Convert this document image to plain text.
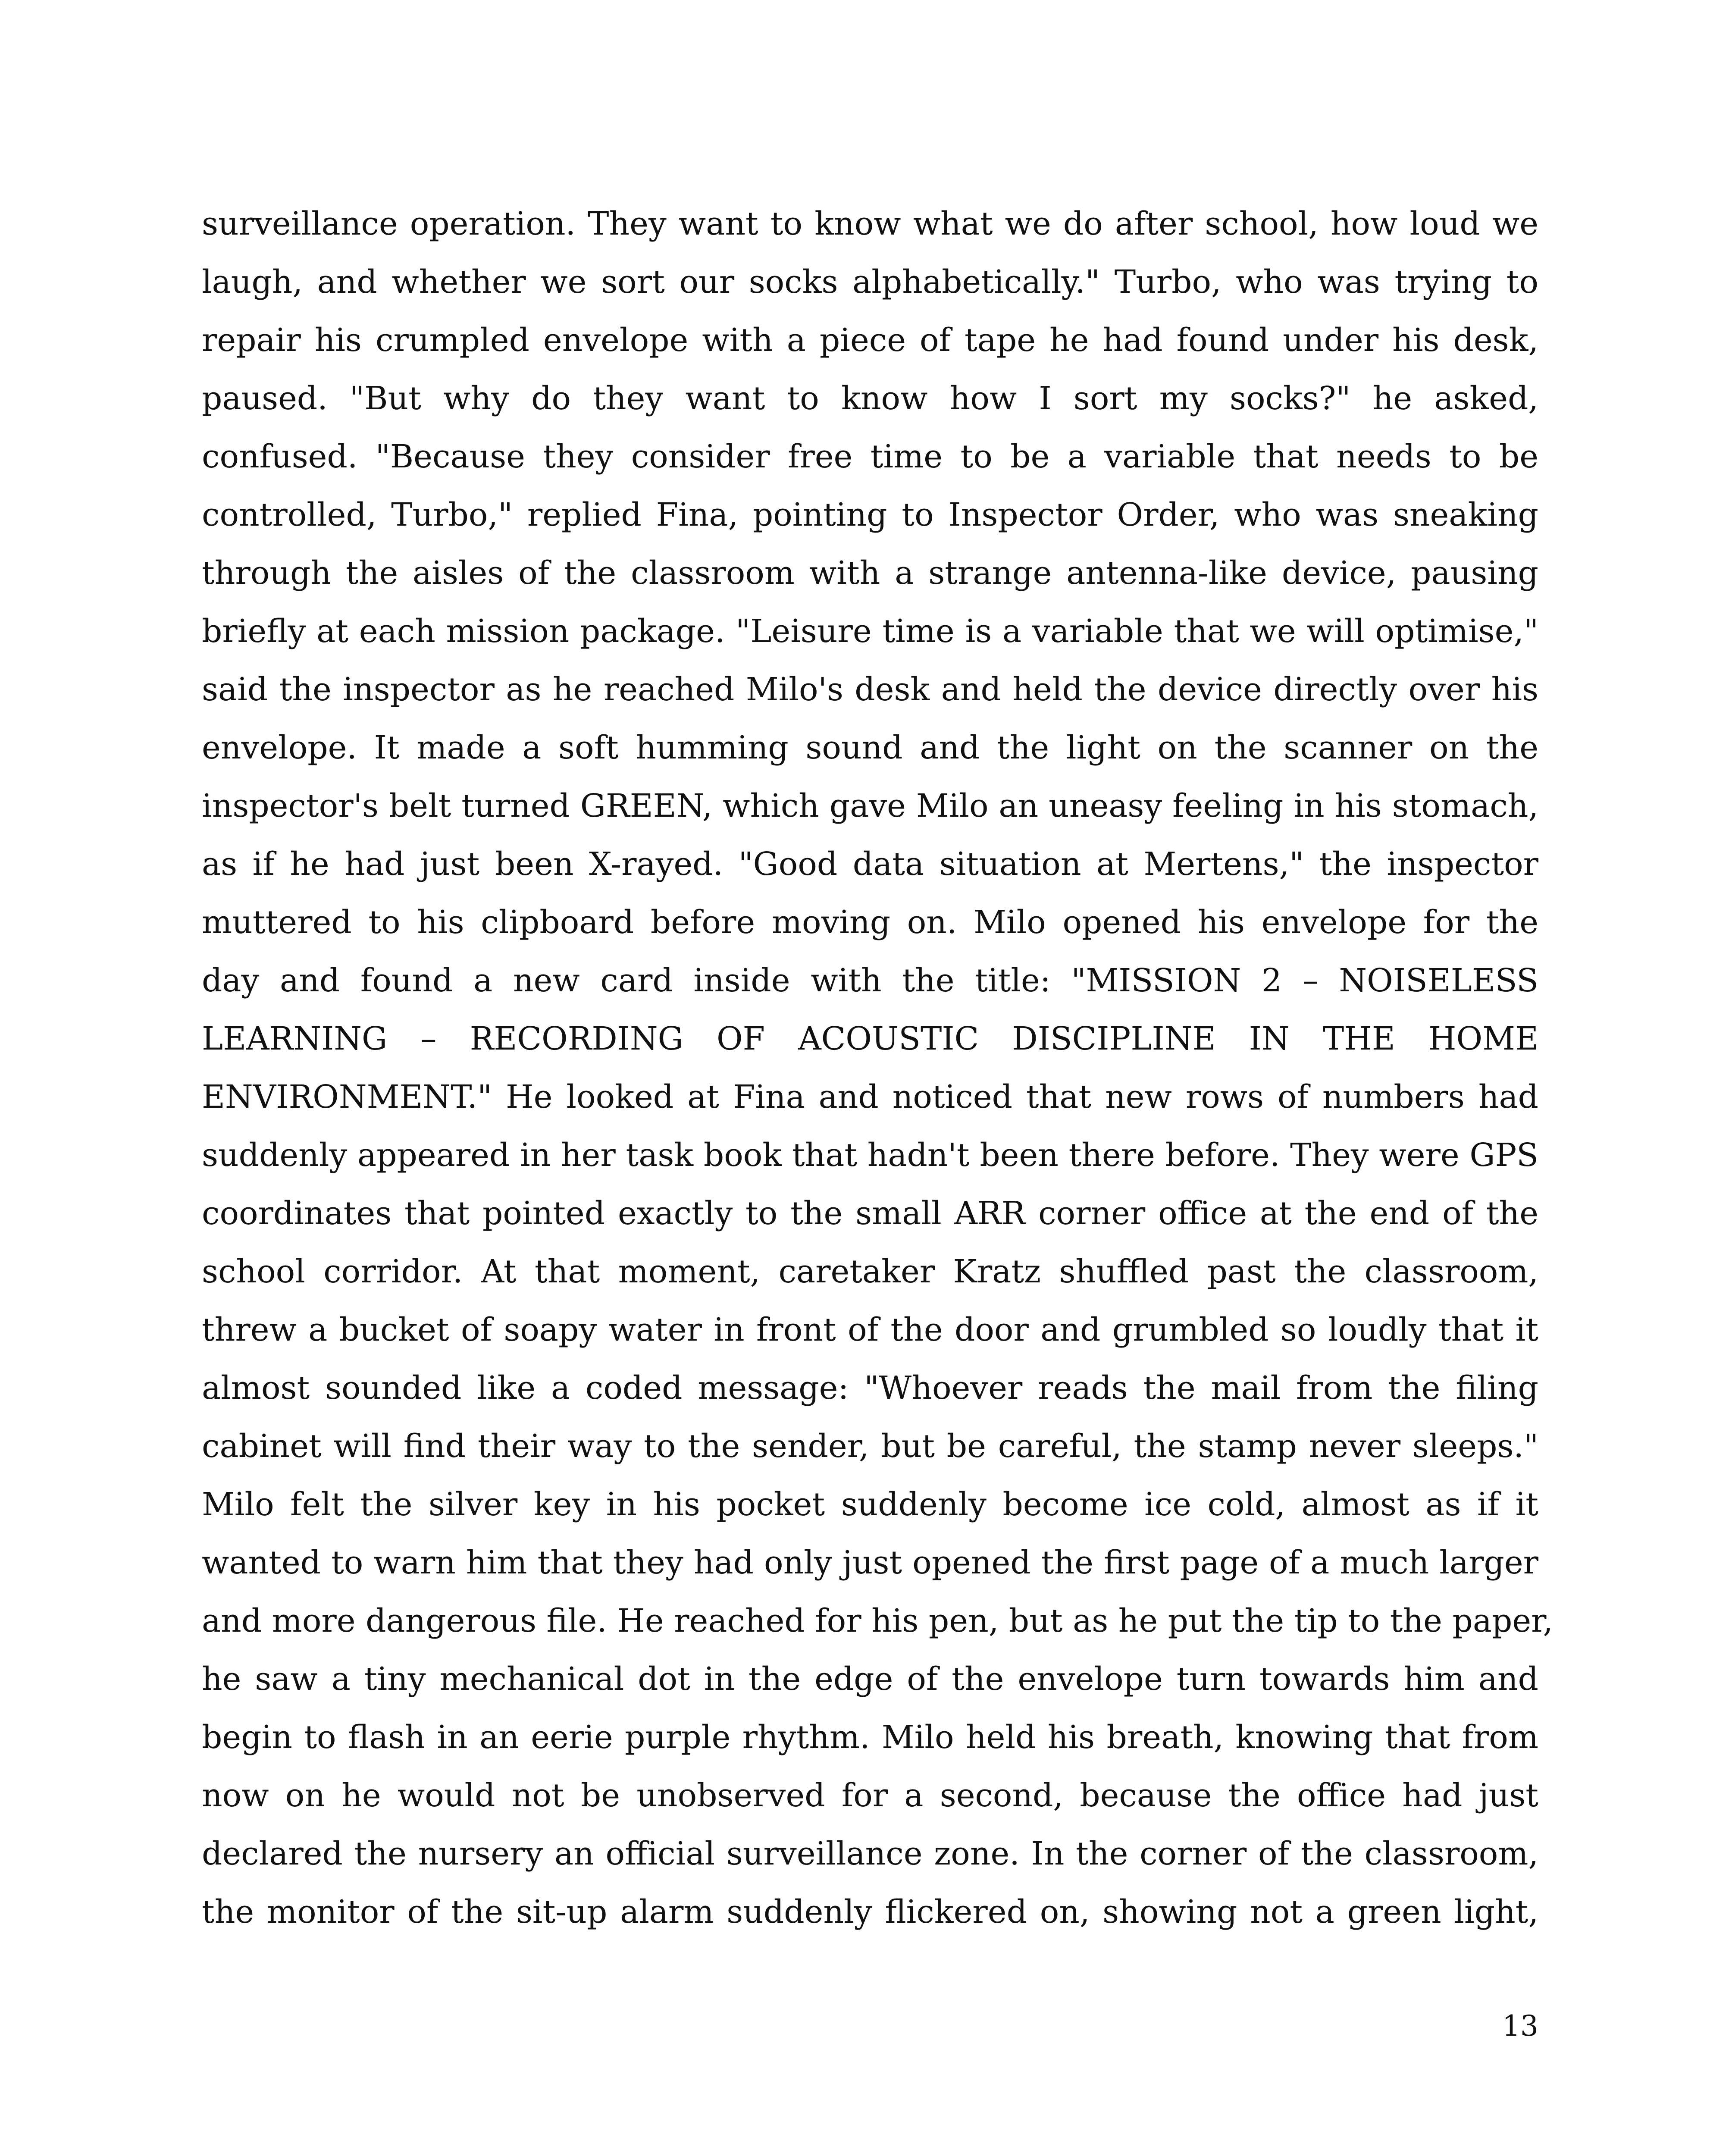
surveillance operation. They want to know what we do after school, how loud we
laugh, and whether we sort our socks alphabetically." Turbo, who was trying to
repair his crumpled envelope with a piece of tape he had found under his desk,
paused. "But why do they want to know how I sort my socks?" he asked,
confused. "Because they consider free time to be a variable that needs to be
controlled, Turbo," replied Fina, pointing to Inspector Order, who was sneaking
through the aisles of the classroom with a strange antenna-like device, pausing
briefly at each mission package. "Leisure time is a variable that we will optimise,"
said the inspector as he reached Milo's desk and held the device directly over his
envelope. It made a soft humming sound and the light on the scanner on the
inspector's belt turned GREEN, which gave Milo an uneasy feeling in his stomach,
as if he had just been X-rayed. "Good data situation at Mertens," the inspector
muttered to his clipboard before moving on. Milo opened his envelope for the
day and found a new card inside with the title: "MISSION 2 – NOISELESS
LEARNING – RECORDING OF ACOUSTIC DISCIPLINE IN THE HOME
ENVIRONMENT." He looked at Fina and noticed that new rows of numbers had
suddenly appeared in her task book that hadn't been there before. They were GPS
coordinates that pointed exactly to the small ARR corner office at the end of the
school corridor. At that moment, caretaker Kratz shuffled past the classroom,
threw a bucket of soapy water in front of the door and grumbled so loudly that it
almost sounded like a coded message: "Whoever reads the mail from the filing
cabinet will find their way to the sender, but be careful, the stamp never sleeps."
Milo felt the silver key in his pocket suddenly become ice cold, almost as if it
wanted to warn him that they had only just opened the first page of a much larger
and more dangerous file. He reached for his pen, but as he put the tip to the paper,
he saw a tiny mechanical dot in the edge of the envelope turn towards him and
begin to flash in an eerie purple rhythm. Milo held his breath, knowing that from
now on he would not be unobserved for a second, because the office had just
declared the nursery an official surveillance zone. In the corner of the classroom,
the monitor of the sit-up alarm suddenly flickered on, showing not a green light,
13
